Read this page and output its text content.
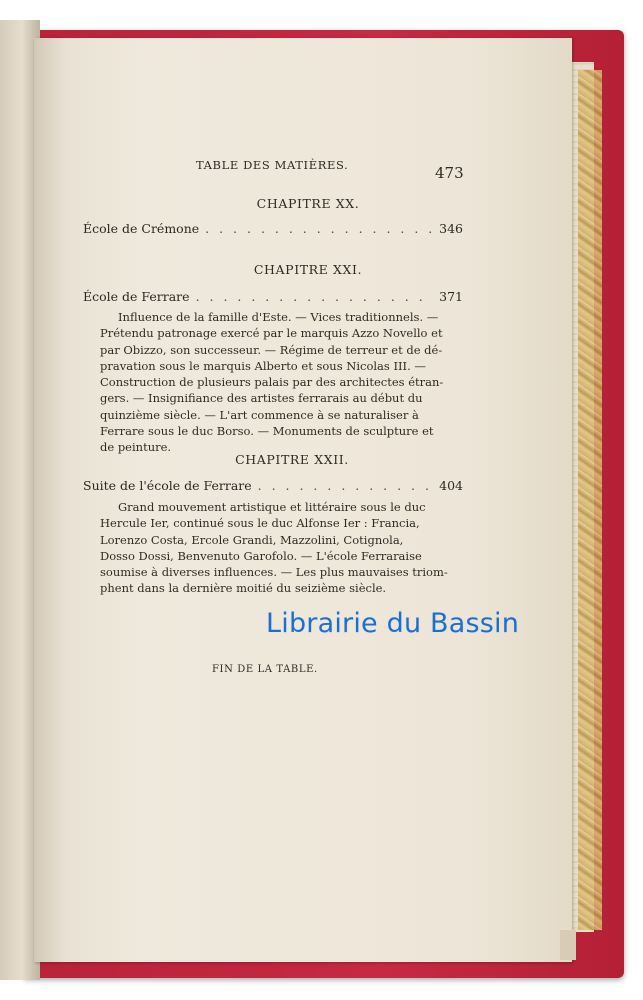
TABLE DES MATIÈRES.	473
CHAPITRE XX.
École de Crémone . . .	346
CHAPITRE XXI.
École de Ferrare . . .	371
Influence de la famille d'Este. — Vices traditionnels. —
Prétendu patronage exercé par le marquis Azzo Novello et
par Obizzo, son successeur. — Régime de terreur et de dé-
pravation sous le marquis Alberto et sous Nicolas III. —
Construction de plusieurs palais par des architectes étran-
gers. — Insignifiance des artistes ferrarais au début du
quinzième siècle. — L'art commence à se naturaliser à
Ferrare sous le duc Borso. — Monuments de sculpture et
de peinture.
CHAPITRE XXII.
Suite de l'école de Ferrare . . .	404
Grand mouvement artistique et littéraire sous le duc
Hercule Ier, continué sous le duc Alfonse Ier : Francia,
Lorenzo Costa, Ercole Grandi, Mazzolini, Cotignola,
Dosso Dossi, Benvenuto Garofolo. — L'école Ferraraise
soumise à diverses influences. — Les plus mauvaises triom-
phent dans la dernière moitié du seizième siècle.
Librairie du Bassin
FIN DE LA TABLE.
